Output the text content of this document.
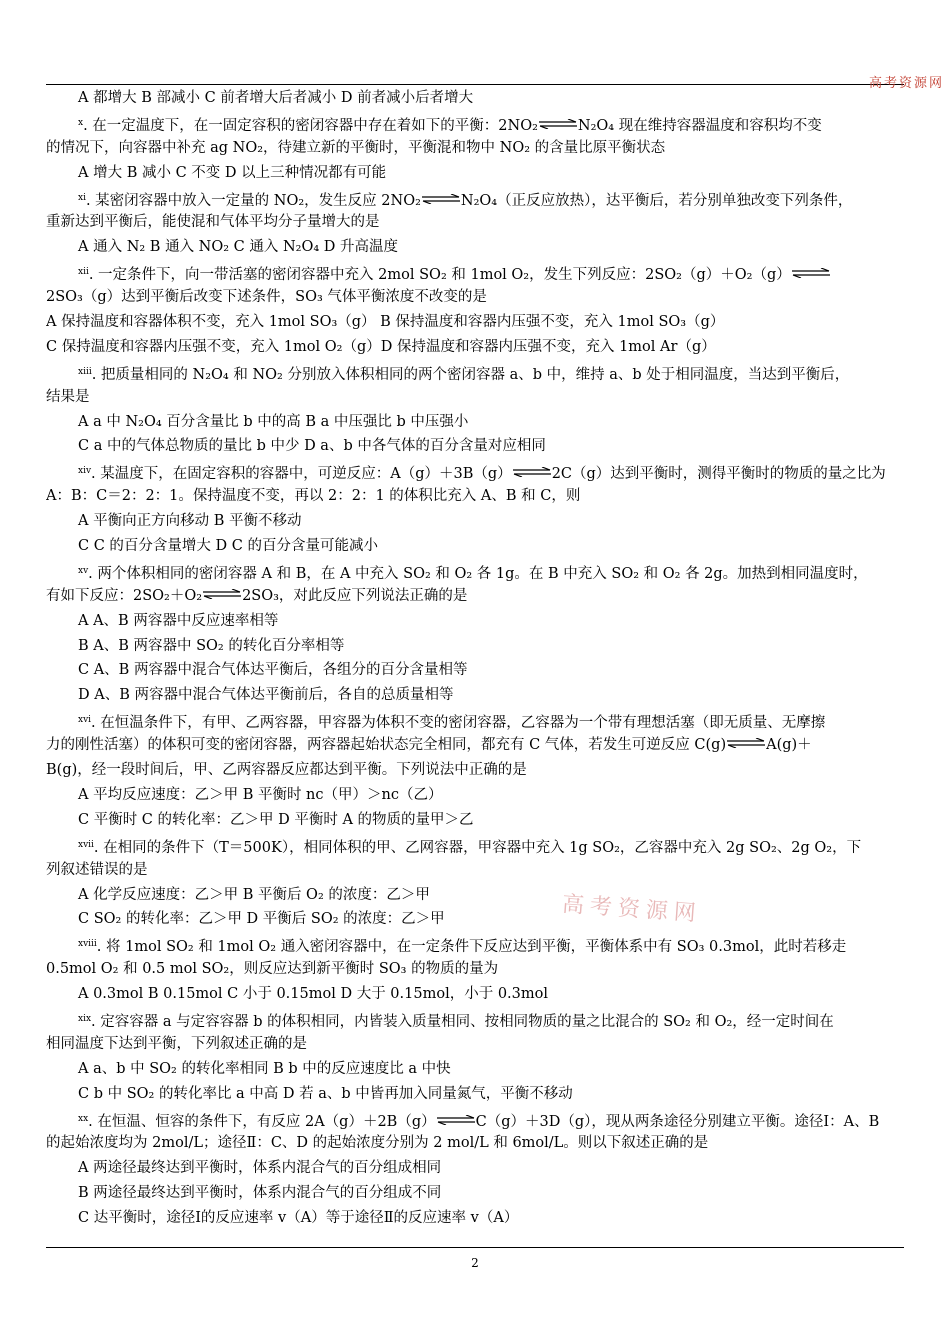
高考资源网
高考资源网
A 都增大 B 部减小 C 前者增大后者减小 D 前者减小后者增大
$^x$. 在一定温度下，在一固定容积的密闭容器中存在着如下的平衡：2NO₂⇌N₂O₄ 现在维持容器温度和容积均不变
的情况下，向容器中补充 ag NO₂，待建立新的平衡时，平衡混和物中 NO₂ 的含量比原平衡状态
A 增大 B 减小 C 不变 D 以上三种情况都有可能
$^{xi}$. 某密闭容器中放入一定量的 NO₂，发生反应 2NO₂⇌N₂O₄（正反应放热），达平衡后，若分别单独改变下列条件，
重新达到平衡后，能使混和气体平均分子量增大的是
A 通入 N₂ B 通入 NO₂ C 通入 N₂O₄ D 升高温度
$^{xii}$. 一定条件下，向一带活塞的密闭容器中充入 2mol SO₂ 和 1mol O₂，发生下列反应：2SO₂（g）＋O₂（g）⇌
2SO₃（g）达到平衡后改变下述条件，SO₃ 气体平衡浓度不改变的是
A 保持温度和容器体积不变，充入 1mol SO₃（g） B 保持温度和容器内压强不变，充入 1mol SO₃（g）
C 保持温度和容器内压强不变，充入 1mol O₂（g）D 保持温度和容器内压强不变，充入 1mol Ar（g）
$^{xiii}$. 把质量相同的 N₂O₄ 和 NO₂ 分别放入体积相同的两个密闭容器 a、b 中，维持 a、b 处于相同温度，当达到平衡后，
结果是
A a 中 N₂O₄ 百分含量比 b 中的高 B a 中压强比 b 中压强小
C a 中的气体总物质的量比 b 中少 D a、b 中各气体的百分含量对应相同
$^{xiv}$. 某温度下，在固定容积的容器中，可逆反应：A（g）＋3B（g）⇌2C（g）达到平衡时，测得平衡时的物质的量之比为
A：B：C＝2：2：1。保持温度不变，再以 2：2：1 的体积比充入 A、B 和 C，则
A 平衡向正方向移动 B 平衡不移动
C C 的百分含量增大 D C 的百分含量可能减小
$^{xv}$. 两个体积相同的密闭容器 A 和 B，在 A 中充入 SO₂ 和 O₂ 各 1g。在 B 中充入 SO₂ 和 O₂ 各 2g。加热到相同温度时，
有如下反应：2SO₂＋O₂⇌2SO₃，对此反应下列说法正确的是
A A、B 两容器中反应速率相等
B A、B 两容器中 SO₂ 的转化百分率相等
C A、B 两容器中混合气体达平衡后，各组分的百分含量相等
D A、B 两容器中混合气体达平衡前后，各自的总质量相等
$^{xvi}$. 在恒温条件下，有甲、乙两容器，甲容器为体积不变的密闭容器，乙容器为一个带有理想活塞（即无质量、无摩擦
力的刚性活塞）的体积可变的密闭容器，两容器起始状态完全相同，都充有 C 气体，若发生可逆反应 C(g)⇌A(g)＋
B(g)，经一段时间后，甲、乙两容器反应都达到平衡。下列说法中正确的是
A 平均反应速度：乙＞甲 B 平衡时 nc（甲）＞nc（乙）
C 平衡时 C 的转化率：乙＞甲 D 平衡时 A 的物质的量甲＞乙
$^{xvii}$. 在相同的条件下（T＝500K），相同体积的甲、乙网容器，甲容器中充入 1g SO₂，乙容器中充入 2g SO₂、2g O₂，下
列叙述错误的是
A 化学反应速度：乙＞甲 B 平衡后 O₂ 的浓度：乙＞甲
C SO₂ 的转化率：乙＞甲 D 平衡后 SO₂ 的浓度：乙＞甲
$^{xviii}$. 将 1mol SO₂ 和 1mol O₂ 通入密闭容器中，在一定条件下反应达到平衡，平衡体系中有 SO₃ 0.3mol，此时若移走
0.5mol O₂ 和 0.5 mol SO₂，则反应达到新平衡时 SO₃ 的物质的量为
A 0.3mol B 0.15mol C 小于 0.15mol D 大于 0.15mol，小于 0.3mol
$^{xix}$. 定容容器 a 与定容容器 b 的体积相同，内皆装入质量相同、按相同物质的量之比混合的 SO₂ 和 O₂，经一定时间在
相同温度下达到平衡，下列叙述正确的是
A a、b 中 SO₂ 的转化率相同 B b 中的反应速度比 a 中快
C b 中 SO₂ 的转化率比 a 中高 D 若 a、b 中皆再加入同量氮气，平衡不移动
$^{xx}$. 在恒温、恒容的条件下，有反应 2A（g）＋2B（g）⇌C（g）＋3D（g），现从两条途径分别建立平衡。途径Ⅰ：A、B
的起始浓度均为 2mol/L；途径Ⅱ：C、D 的起始浓度分别为 2 mol/L 和 6mol/L。则以下叙述正确的是
A 两途径最终达到平衡时，体系内混合气的百分组成相同
B 两途径最终达到平衡时，体系内混合气的百分组成不同
C 达平衡时，途径Ⅰ的反应速率 v（A）等于途径Ⅱ的反应速率 v（A）
2
